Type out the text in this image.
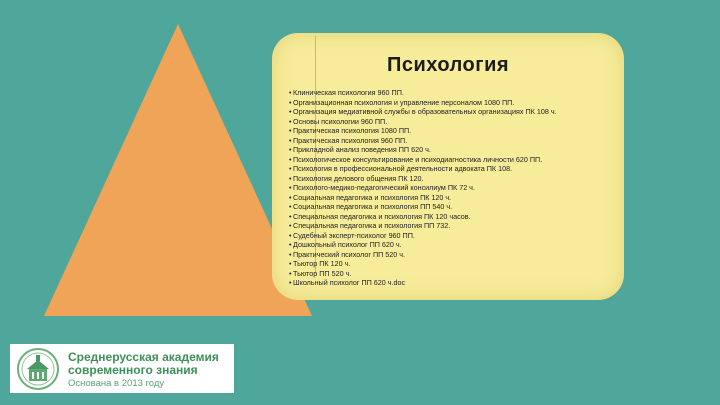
Психология
•Клиническая психология 960 ПП.
•Организационная психология и управление персоналом 1080 ПП.
•Организация медиативной службы в образовательных организациях ПК 108 ч.
•Основы психологии 960 ПП.
•Практическая психология 1080 ПП.
•Практическая психология 960 ПП.
•Прикладной анализ поведения ПП 620 ч.
•Психологическое консультирование и психодиагностика личности 620 ПП.
•Психология в профессиональной деятельности адвоката ПК 108.
•Психология делового общения ПК 120.
•Психолого-медико-педагогический консилиум ПК 72 ч.
•Социальная педагогика и психология ПК 120 ч.
•Социальная педагогика и психология ПП 540 ч.
•Специальная педагогика и психология ПК 120 часов.
•Специальная педагогика и психология ПП 732.
•Судебный эксперт-психолог 960 ПП.
•Дошкольный психолог ПП 620 ч.
•Практический психолог ПП 520 ч.
•Тьютор ПК 120 ч.
•Тьютор ПП 520 ч.
•Школьный психолог ПП 620 ч.doc
Среднерусская академия
современного знания
Основана в 2013 году
